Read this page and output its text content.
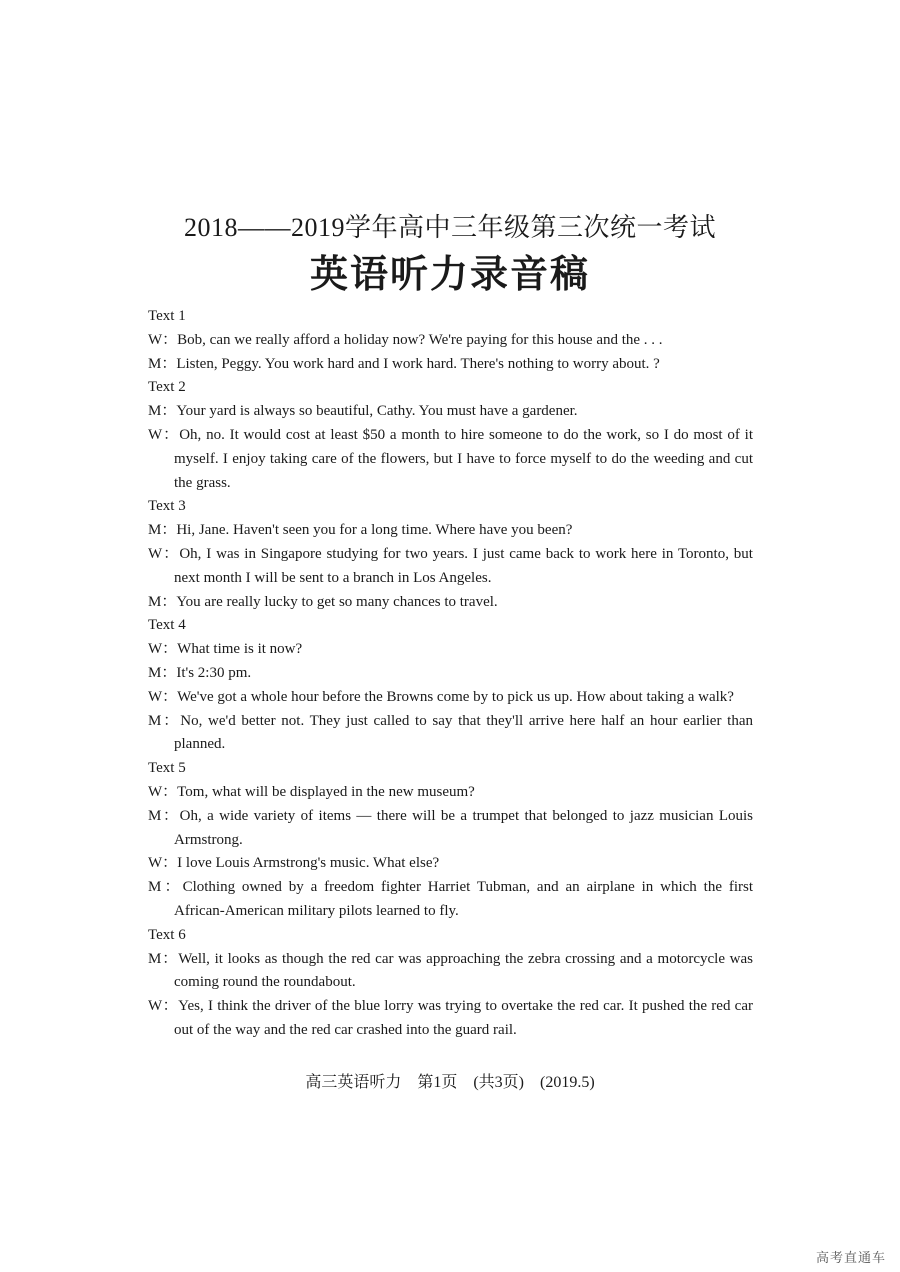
2018——2019学年高中三年级第三次统一考试
英语听力录音稿

Text 1

W：Bob, can we really afford a holiday now? We're paying for this house and the . . .

M：Listen, Peggy. You work hard and I work hard. There's nothing to worry about. ?

Text 2

M：Your yard is always so beautiful, Cathy. You must have a gardener.

W：Oh, no. It would cost at least $50 a month to hire someone to do the work, so I do most of it myself. I enjoy taking care of the flowers, but I have to force myself to do the weeding and cut the grass.

Text 3

M：Hi, Jane. Haven't seen you for a long time. Where have you been?

W：Oh, I was in Singapore studying for two years. I just came back to work here in Toronto, but next month I will be sent to a branch in Los Angeles.

M：You are really lucky to get so many chances to travel.

Text 4

W：What time is it now?

M：It's 2:30 pm.

W：We've got a whole hour before the Browns come by to pick us up. How about taking a walk?

M：No, we'd better not. They just called to say that they'll arrive here half an hour earlier than planned.

Text 5

W：Tom, what will be displayed in the new museum?

M：Oh, a wide variety of items — there will be a trumpet that belonged to jazz musician Louis Armstrong.

W：I love Louis Armstrong's music. What else?

M：Clothing owned by a freedom fighter Harriet Tubman, and an airplane in which the first African-American military pilots learned to fly.

Text 6

M：Well, it looks as though the red car was approaching the zebra crossing and a motorcycle was coming round the roundabout.

W：Yes, I think the driver of the blue lorry was trying to overtake the red car. It pushed the red car out of the way and the red car crashed into the guard rail.

高三英语听力　第1页　(共3页)　(2019.5)
高考直通车
